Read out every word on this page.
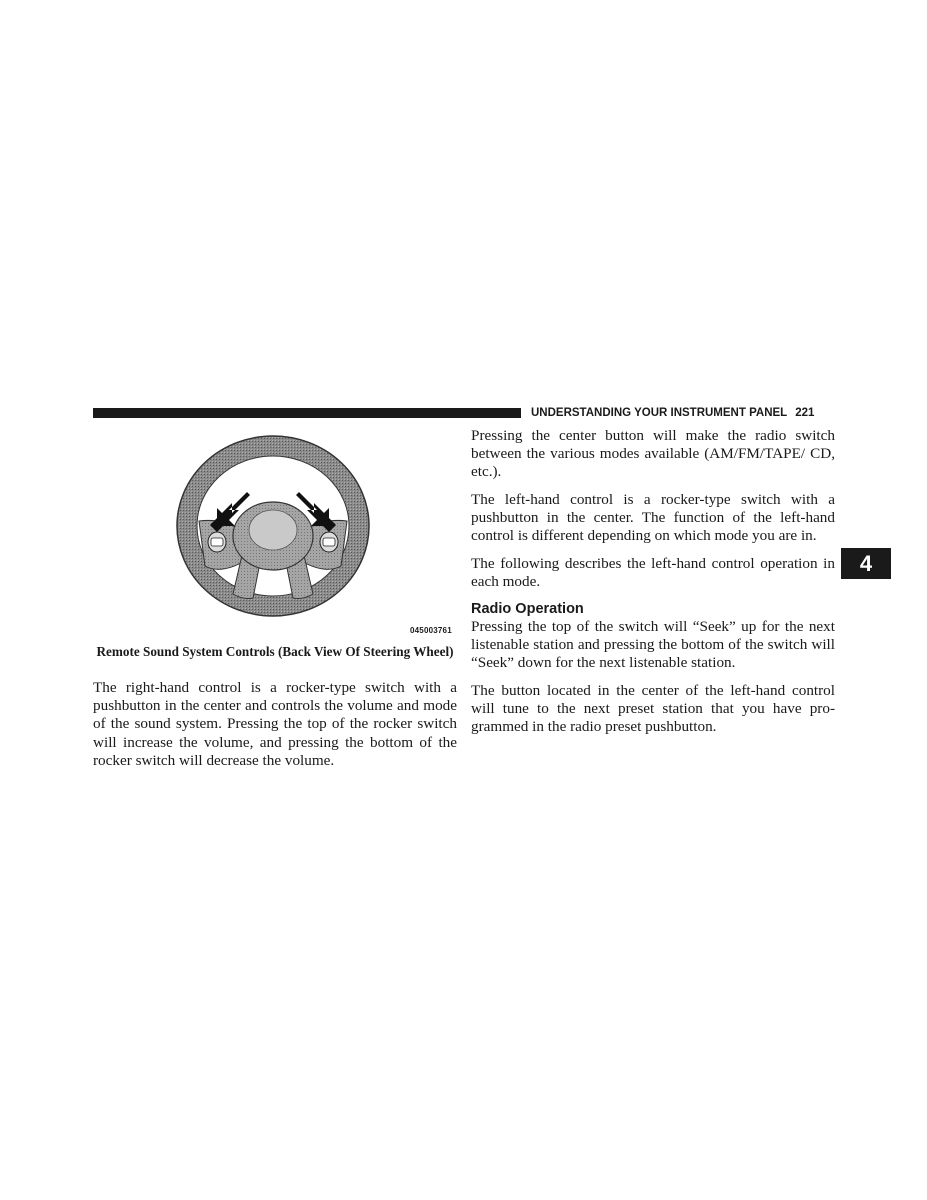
UNDERSTANDING YOUR INSTRUMENT PANEL 221
045003761
Remote Sound System Controls (Back View Of Steering Wheel)

The right-hand control is a rocker-type switch with a pushbutton in the center and controls the volume and mode of the sound system. Pressing the top of the rocker switch will increase the volume, and pressing the bottom of the rocker switch will decrease the volume.

Pressing the center button will make the radio switch between the various modes available (AM/FM/TAPE/ CD, etc.).

The left-hand control is a rocker-type switch with a pushbutton in the center. The function of the left-hand control is different depending on which mode you are in.

The following describes the left-hand control operation in each mode.

Radio Operation

Pressing the top of the switch will “Seek” up for the next listenable station and pressing the bottom of the switch will “Seek” down for the next listenable station.

The button located in the center of the left-hand control will tune to the next preset station that you have pro- grammed in the radio preset pushbutton.

4
